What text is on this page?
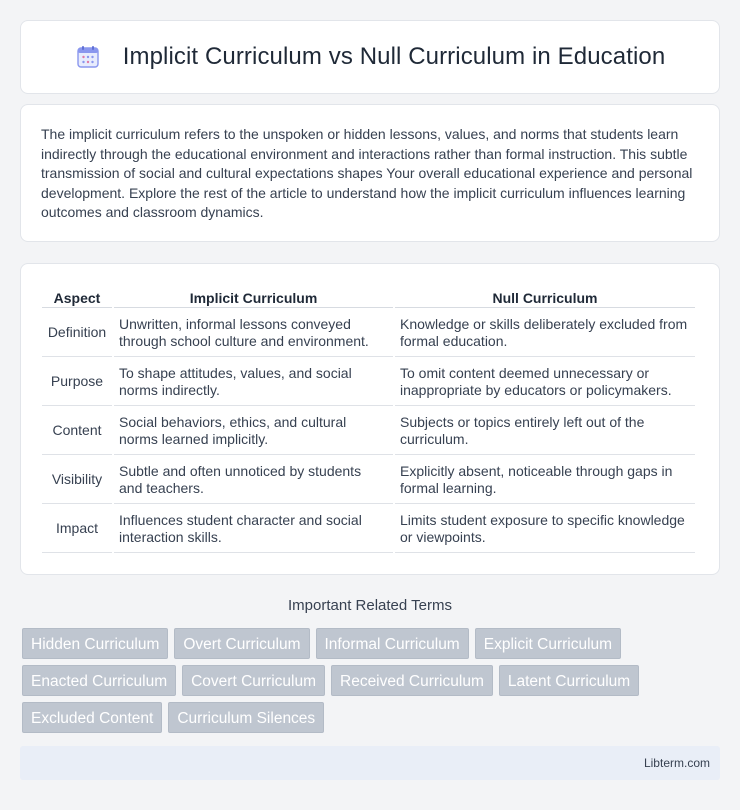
Implicit Curriculum vs Null Curriculum in Education

The implicit curriculum refers to the unspoken or hidden lessons, values, and norms that students learn indirectly through the educational environment and interactions rather than formal instruction. This subtle transmission of social and cultural expectations shapes Your overall educational experience and personal development. Explore the rest of the article to understand how the implicit curriculum influences learning outcomes and classroom dynamics.

Aspect	Implicit Curriculum	Null Curriculum
Definition	Unwritten, informal lessons conveyed through school culture and environment.	Knowledge or skills deliberately excluded from formal education.
Purpose	To shape attitudes, values, and social norms indirectly.	To omit content deemed unnecessary or inappropriate by educators or policymakers.
Content	Social behaviors, ethics, and cultural norms learned implicitly.	Subjects or topics entirely left out of the curriculum.
Visibility	Subtle and often unnoticed by students and teachers.	Explicitly absent, noticeable through gaps in formal learning.
Impact	Influences student character and social interaction skills.	Limits student exposure to specific knowledge or viewpoints.
Important Related Terms
Hidden Curriculum	Overt Curriculum	Informal Curriculum	Explicit Curriculum
Enacted Curriculum	Covert Curriculum	Received Curriculum	Latent Curriculum
Excluded Content	Curriculum Silences
Libterm.com
